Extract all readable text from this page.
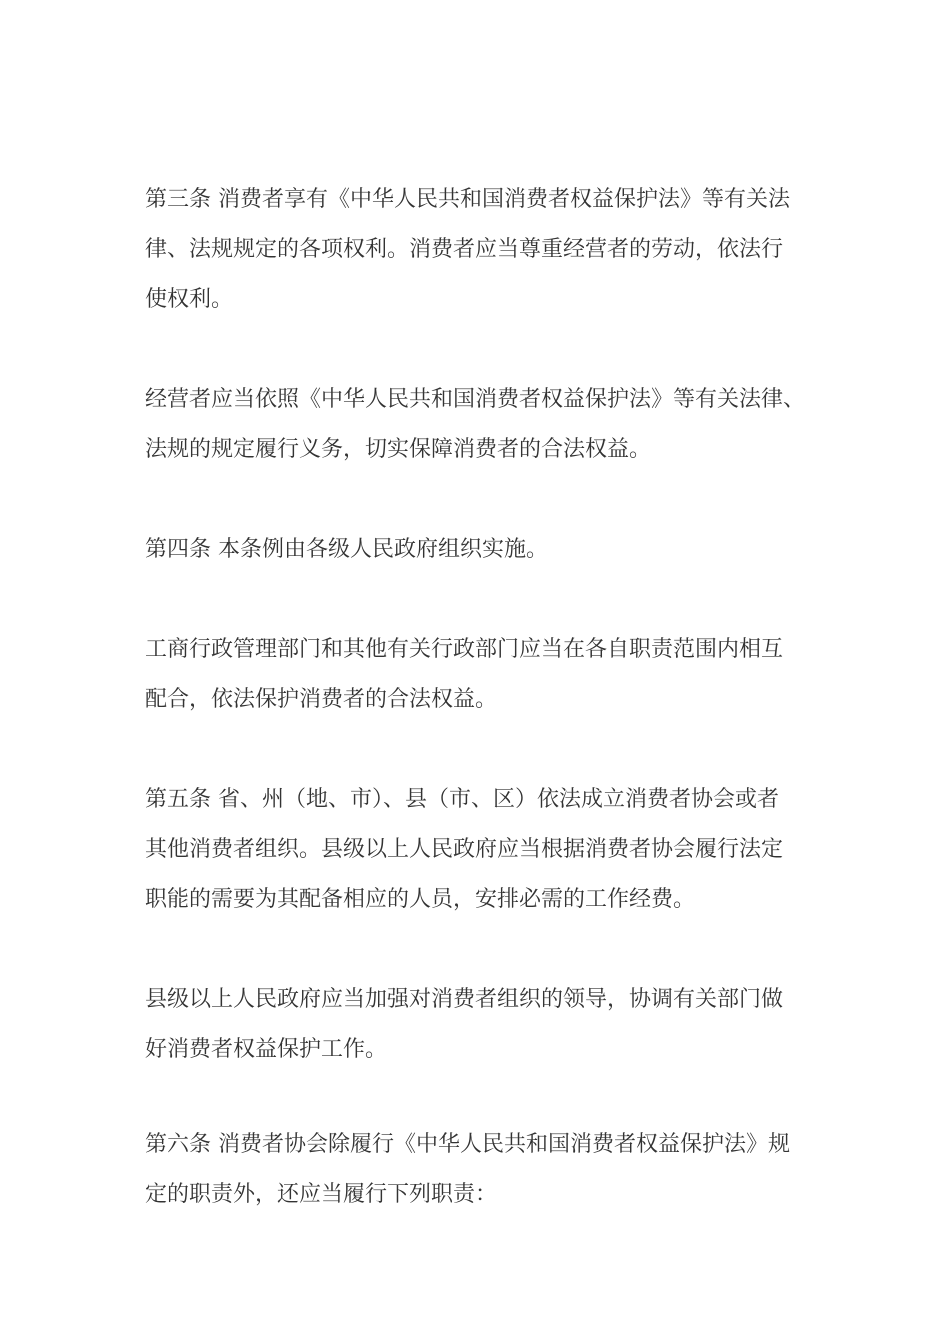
第三条 消费者享有《中华人民共和国消费者权益保护法》等有关法
律、法规规定的各项权利。消费者应当尊重经营者的劳动，依法行
使权利。

经营者应当依照《中华人民共和国消费者权益保护法》等有关法律、
法规的规定履行义务，切实保障消费者的合法权益。

第四条 本条例由各级人民政府组织实施。

工商行政管理部门和其他有关行政部门应当在各自职责范围内相互
配合，依法保护消费者的合法权益。

第五条 省、州（地、市）、县（市、区）依法成立消费者协会或者
其他消费者组织。县级以上人民政府应当根据消费者协会履行法定
职能的需要为其配备相应的人员，安排必需的工作经费。

县级以上人民政府应当加强对消费者组织的领导，协调有关部门做
好消费者权益保护工作。

第六条 消费者协会除履行《中华人民共和国消费者权益保护法》规
定的职责外，还应当履行下列职责：
